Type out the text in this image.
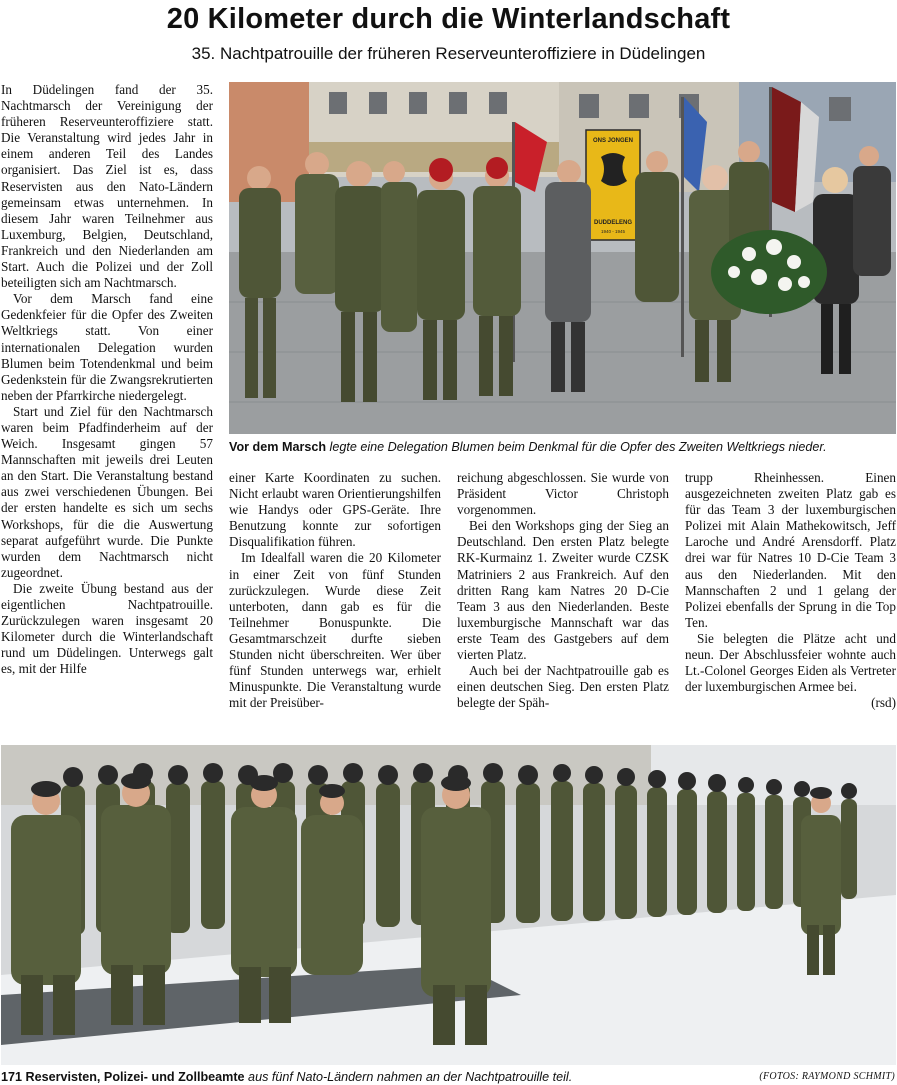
20 Kilometer durch die Winterlandschaft
35. Nachtpatrouille der früheren Reserveunteroffiziere in Düdelingen

In Düdelingen fand der 35. Nachtmarsch der Vereinigung der früheren Reserveunteroffiziere statt. Die Veranstaltung wird jedes Jahr in einem anderen Teil des Landes organisiert. Das Ziel ist es, dass Reservisten aus den Nato-Ländern gemeinsam etwas unternehmen. In diesem Jahr waren Teilnehmer aus Luxemburg, Belgien, Deutschland, Frankreich und den Niederlanden am Start. Auch die Polizei und der Zoll beteiligten sich am Nachtmarsch.

Vor dem Marsch fand eine Gedenkfeier für die Opfer des Zweiten Weltkriegs statt. Von einer internationalen Delegation wurden Blumen beim Totendenkmal und beim Gedenkstein für die Zwangsrekrutierten neben der Pfarrkirche niedergelegt.

Start und Ziel für den Nachtmarsch waren beim Pfadfinderheim auf der Weich. Insgesamt gingen 57 Mannschaften mit jeweils drei Leuten an den Start. Die Veranstaltung bestand aus zwei verschiedenen Übungen. Bei der ersten handelte es sich um sechs Workshops, für die die Auswertung separat aufgeführt wurde. Die Punkte wurden dem Nachtmarsch nicht zugeordnet.

Die zweite Übung bestand aus der eigentlichen Nachtpatrouille. Zurückzulegen waren insgesamt 20 Kilometer durch die Winterlandschaft rund um Düdelingen. Unterwegs galt es, mit der Hilfe

ONS JONGEN
DUDDELENG
1940 - 1945
Vor dem Marsch legte eine Delegation Blumen beim Denkmal für die Opfer des Zweiten Weltkriegs nieder.

einer Karte Koordinaten zu suchen. Nicht erlaubt waren Orientierungshilfen wie Handys oder GPS-Geräte. Ihre Benutzung konnte zur sofortigen Disqualifikation führen.

Im Idealfall waren die 20 Kilometer in einer Zeit von fünf Stunden zurückzulegen. Wurde diese Zeit unterboten, dann gab es für die Teilnehmer Bonuspunkte. Die Gesamtmarschzeit durfte sieben Stunden nicht überschreiten. Wer über fünf Stunden unterwegs war, erhielt Minuspunkte. Die Veranstaltung wurde mit der Preisüber-

reichung abgeschlossen. Sie wurde von Präsident Victor Christoph vorgenommen.

Bei den Workshops ging der Sieg an Deutschland. Den ersten Platz belegte RK-Kurmainz 1. Zweiter wurde CZSK Matriniers 2 aus Frankreich. Auf den dritten Rang kam Natres 20 D-Cie Team 3 aus den Niederlanden. Beste luxemburgische Mannschaft war das erste Team des Gastgebers auf dem vierten Platz.

Auch bei der Nachtpatrouille gab es einen deutschen Sieg. Den ersten Platz belegte der Späh-

trupp Rheinhessen. Einen ausgezeichneten zweiten Platz gab es für das Team 3 der luxemburgischen Polizei mit Alain Mathekowitsch, Jeff Laroche und André Arensdorff. Platz drei war für Natres 10 D-Cie Team 3 aus den Niederlanden. Mit den Mannschaften 2 und 1 gelang der Polizei ebenfalls der Sprung in die Top Ten.

Sie belegten die Plätze acht und neun. Der Abschlussfeier wohnte auch Lt.-Colonel Georges Eiden als Vertreter der luxemburgischen Armee bei.

(rsd)

171 Reservisten, Polizei- und Zollbeamte aus fünf Nato-Ländern nahmen an der Nachtpatrouille teil.	(FOTOS: RAYMOND SCHMIT)
